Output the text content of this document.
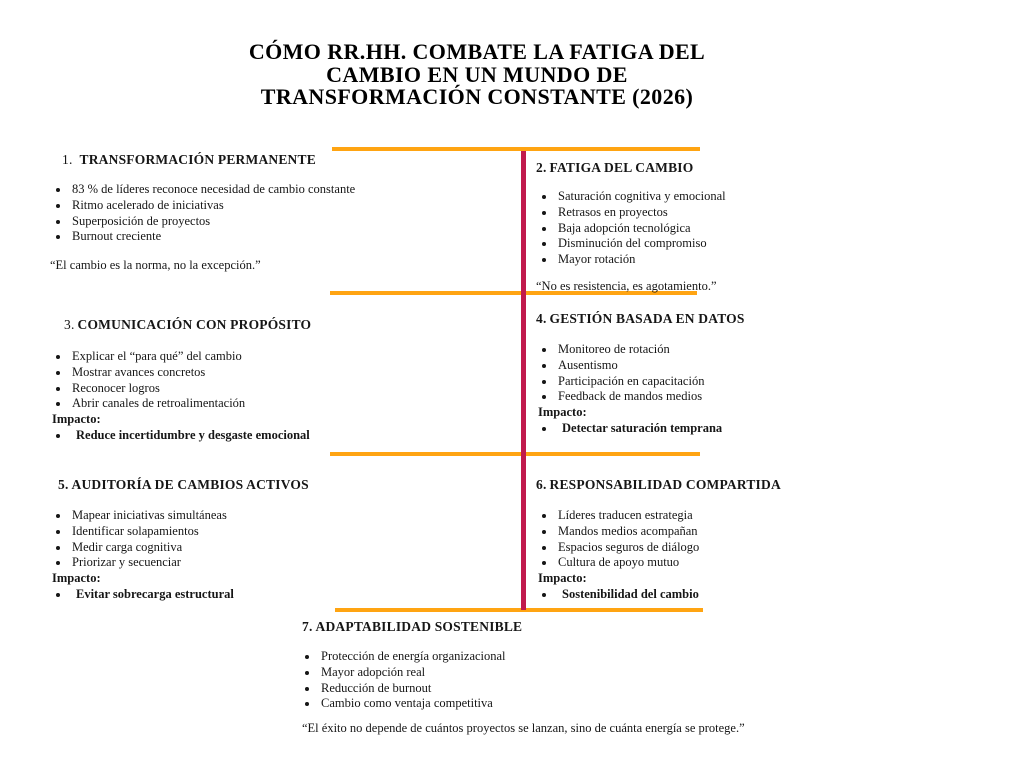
CÓMO RR.HH. COMBATE LA FATIGA DEL
CAMBIO EN UN MUNDO DE
TRANSFORMACIÓN CONSTANTE (2026)
1. TRANSFORMACIÓN PERMANENTE
• 83 % de líderes reconoce necesidad de cambio constante
• Ritmo acelerado de iniciativas
• Superposición de proyectos
• Burnout creciente
“El cambio es la norma, no la excepción.”
2. FATIGA DEL CAMBIO
• Saturación cognitiva y emocional
• Retrasos en proyectos
• Baja adopción tecnológica
• Disminución del compromiso
• Mayor rotación
“No es resistencia, es agotamiento.”
3. COMUNICACIÓN CON PROPÓSITO
• Explicar el “para qué” del cambio
• Mostrar avances concretos
• Reconocer logros
• Abrir canales de retroalimentación
Impacto:
• Reduce incertidumbre y desgaste emocional
4. GESTIÓN BASADA EN DATOS
• Monitoreo de rotación
• Ausentismo
• Participación en capacitación
• Feedback de mandos medios
Impacto:
• Detectar saturación temprana
5. AUDITORÍA DE CAMBIOS ACTIVOS
• Mapear iniciativas simultáneas
• Identificar solapamientos
• Medir carga cognitiva
• Priorizar y secuenciar
Impacto:
• Evitar sobrecarga estructural
6. RESPONSABILIDAD COMPARTIDA
• Líderes traducen estrategia
• Mandos medios acompañan
• Espacios seguros de diálogo
• Cultura de apoyo mutuo
Impacto:
• Sostenibilidad del cambio
7. ADAPTABILIDAD SOSTENIBLE
• Protección de energía organizacional
• Mayor adopción real
• Reducción de burnout
• Cambio como ventaja competitiva
“El éxito no depende de cuántos proyectos se lanzan, sino de cuánta energía se protege.”
